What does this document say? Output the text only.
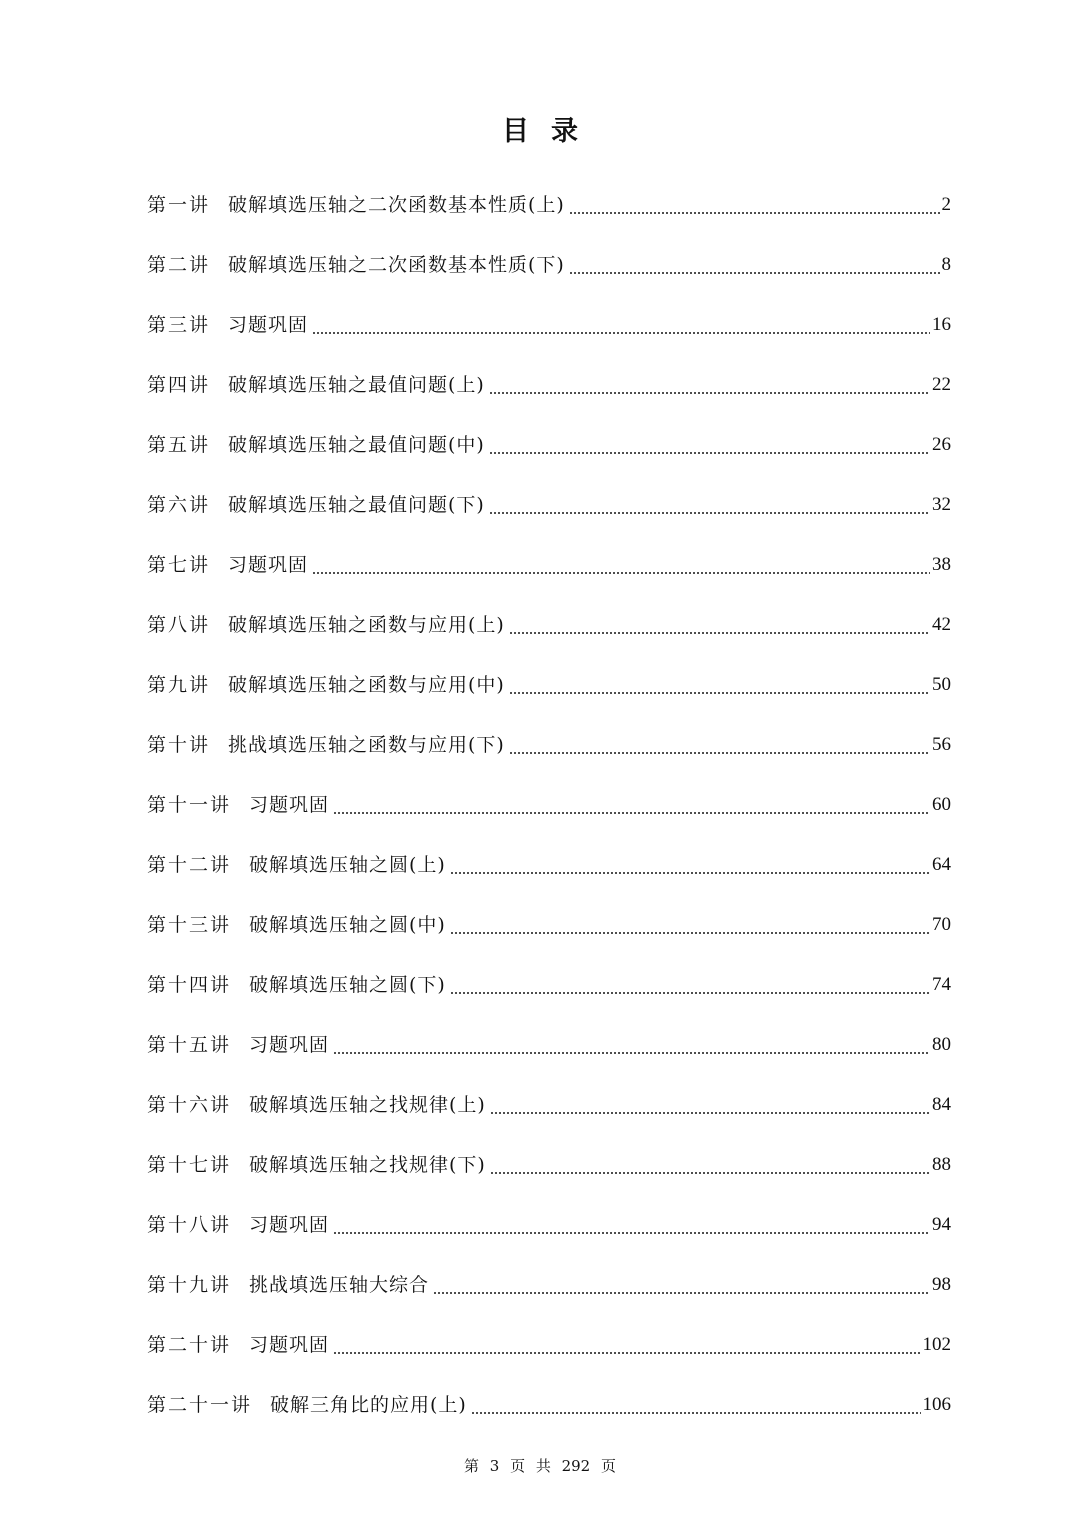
目录
第一讲 破解填选压轴之二次函数基本性质(上)	2
第二讲 破解填选压轴之二次函数基本性质(下)	8
第三讲 习题巩固	16
第四讲 破解填选压轴之最值问题(上)	22
第五讲 破解填选压轴之最值问题(中)	26
第六讲 破解填选压轴之最值问题(下)	32
第七讲 习题巩固	38
第八讲 破解填选压轴之函数与应用(上)	42
第九讲 破解填选压轴之函数与应用(中)	50
第十讲 挑战填选压轴之函数与应用(下)	56
第十一讲 习题巩固	60
第十二讲 破解填选压轴之圆(上)	64
第十三讲 破解填选压轴之圆(中)	70
第十四讲 破解填选压轴之圆(下)	74
第十五讲 习题巩固	80
第十六讲 破解填选压轴之找规律(上)	84
第十七讲 破解填选压轴之找规律(下)	88
第十八讲 习题巩固	94
第十九讲 挑战填选压轴大综合	98
第二十讲 习题巩固	102
第二十一讲 破解三角比的应用(上)	106
第 3 页 共 292 页
